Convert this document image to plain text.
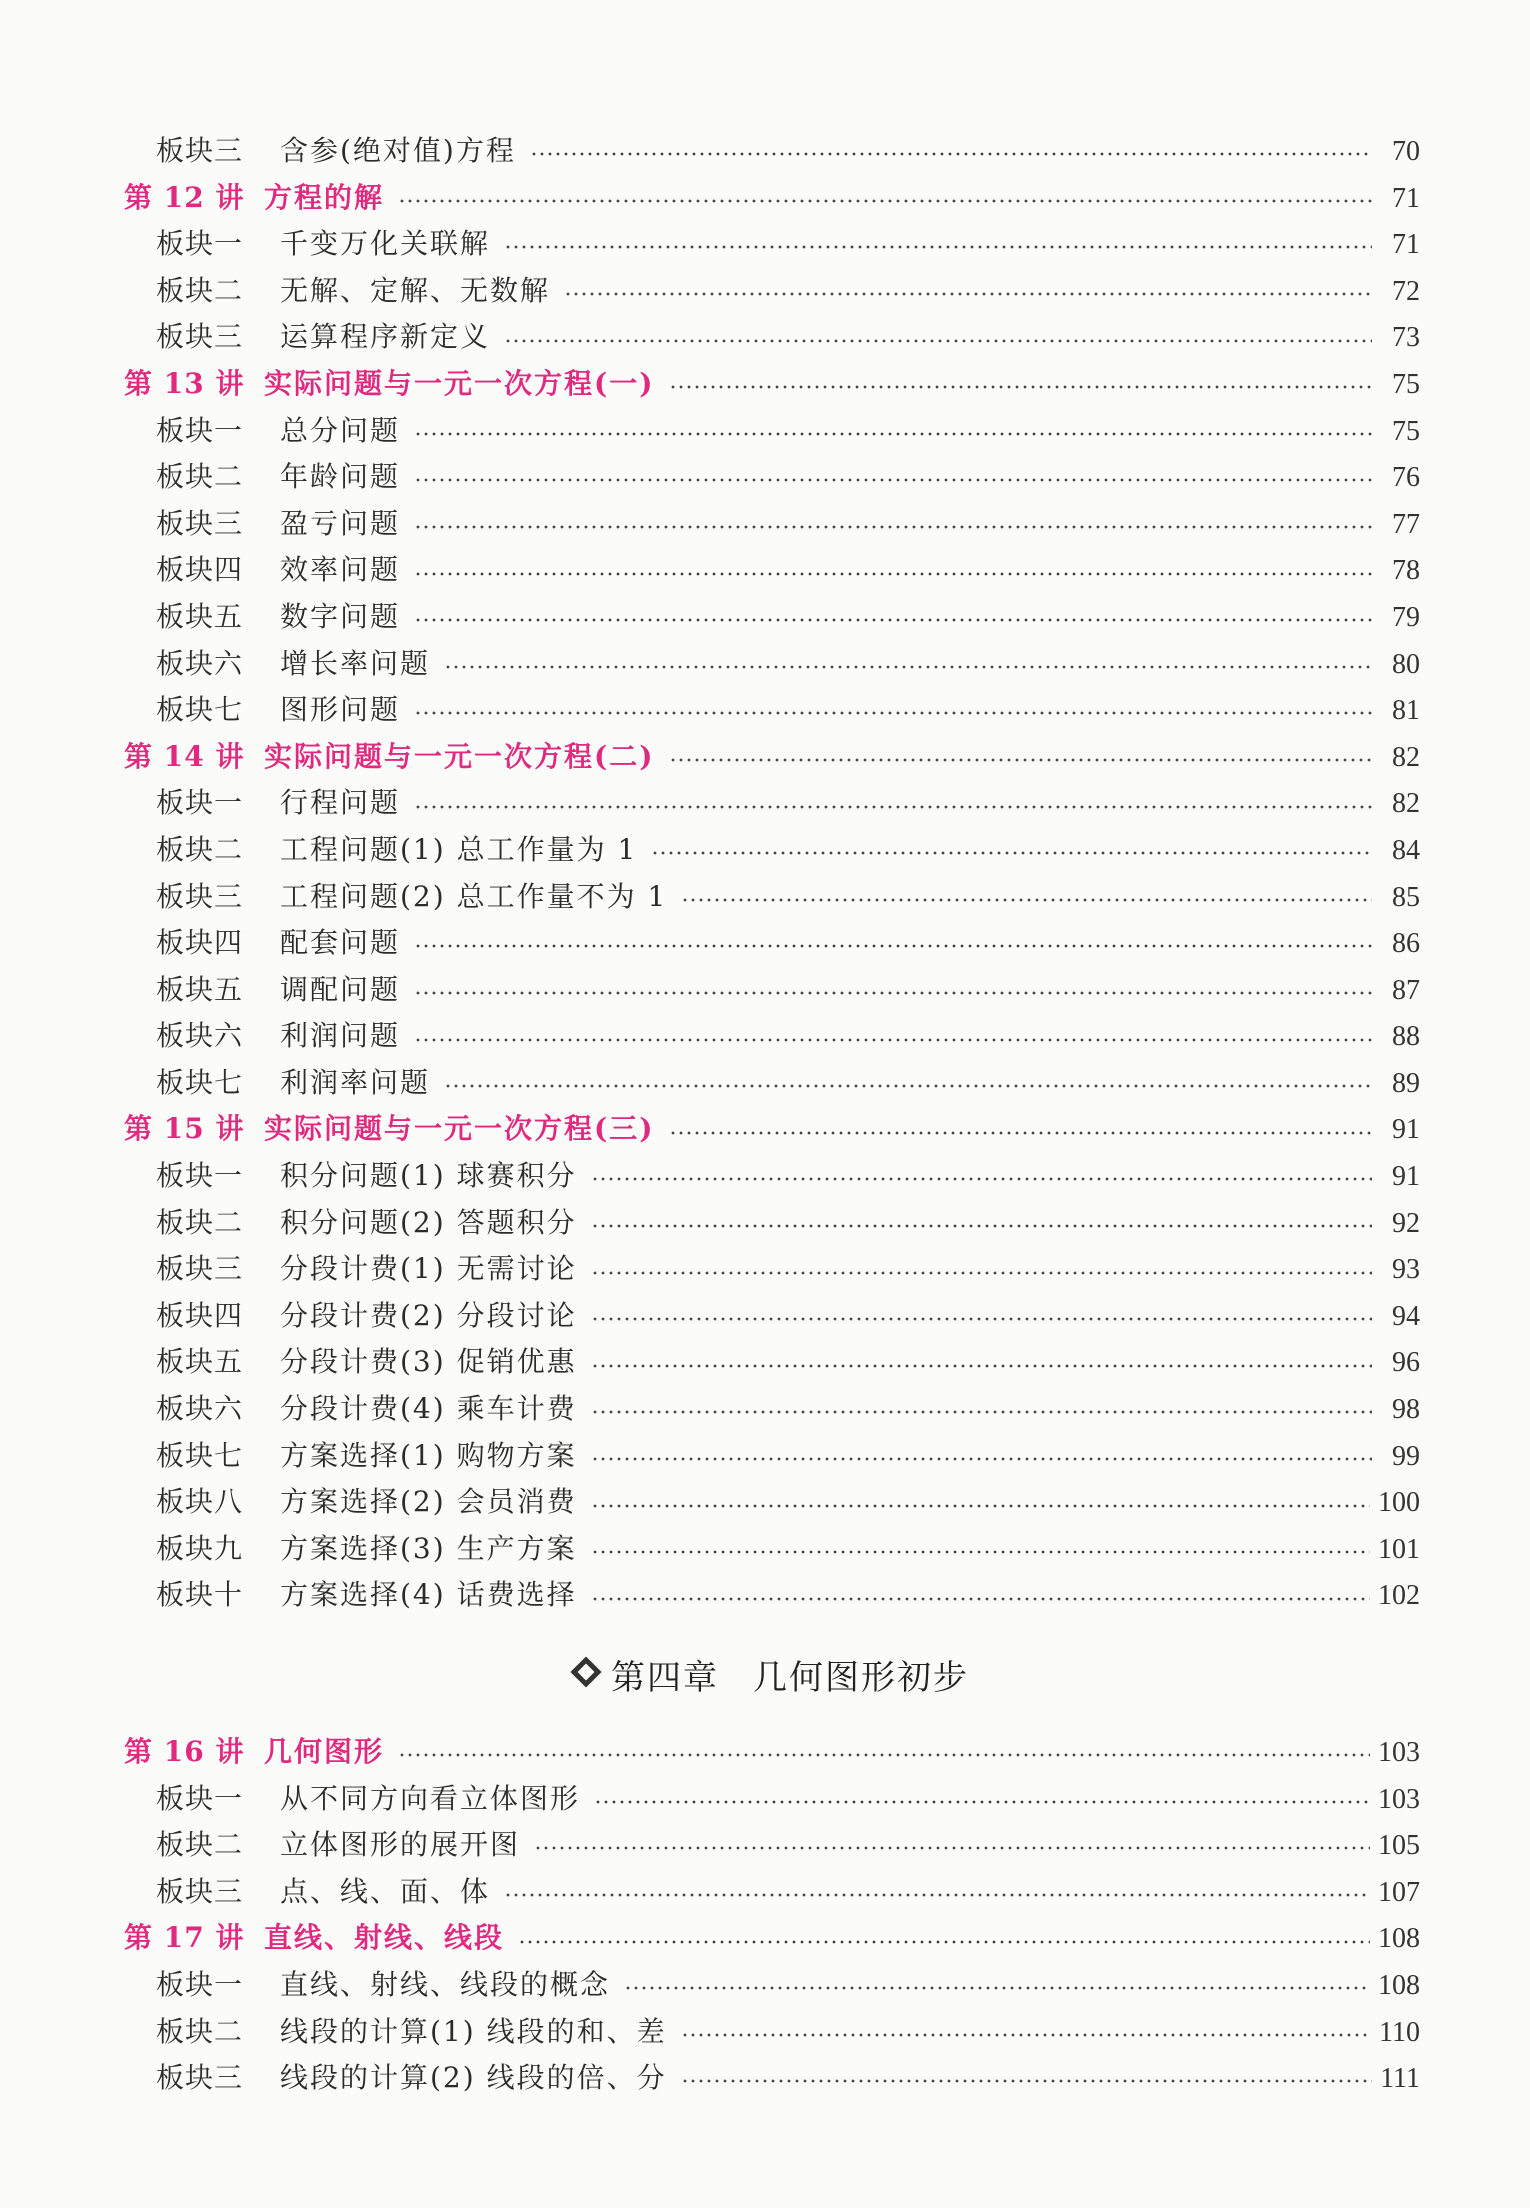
板块三	含参(绝对值)方程	70
第 12 讲 方程的解	71
板块一	千变万化关联解	71
板块二	无解、定解、无数解	72
板块三	运算程序新定义	73
第 13 讲 实际问题与一元一次方程(一)	75
板块一	总分问题	75
板块二	年龄问题	76
板块三	盈亏问题	77
板块四	效率问题	78
板块五	数字问题	79
板块六	增长率问题	80
板块七	图形问题	81
第 14 讲 实际问题与一元一次方程(二)	82
板块一	行程问题	82
板块二	工程问题(1) 总工作量为 1	84
板块三	工程问题(2) 总工作量不为 1	85
板块四	配套问题	86
板块五	调配问题	87
板块六	利润问题	88
板块七	利润率问题	89
第 15 讲 实际问题与一元一次方程(三)	91
板块一	积分问题(1) 球赛积分	91
板块二	积分问题(2) 答题积分	92
板块三	分段计费(1) 无需讨论	93
板块四	分段计费(2) 分段讨论	94
板块五	分段计费(3) 促销优惠	96
板块六	分段计费(4) 乘车计费	98
板块七	方案选择(1) 购物方案	99
板块八	方案选择(2) 会员消费	100
板块九	方案选择(3) 生产方案	101
板块十	方案选择(4) 话费选择	102
第四章 几何图形初步
第 16 讲 几何图形	103
板块一	从不同方向看立体图形	103
板块二	立体图形的展开图	105
板块三	点、线、面、体	107
第 17 讲 直线、射线、线段	108
板块一	直线、射线、线段的概念	108
板块二	线段的计算(1) 线段的和、差	110
板块三	线段的计算(2) 线段的倍、分	111
